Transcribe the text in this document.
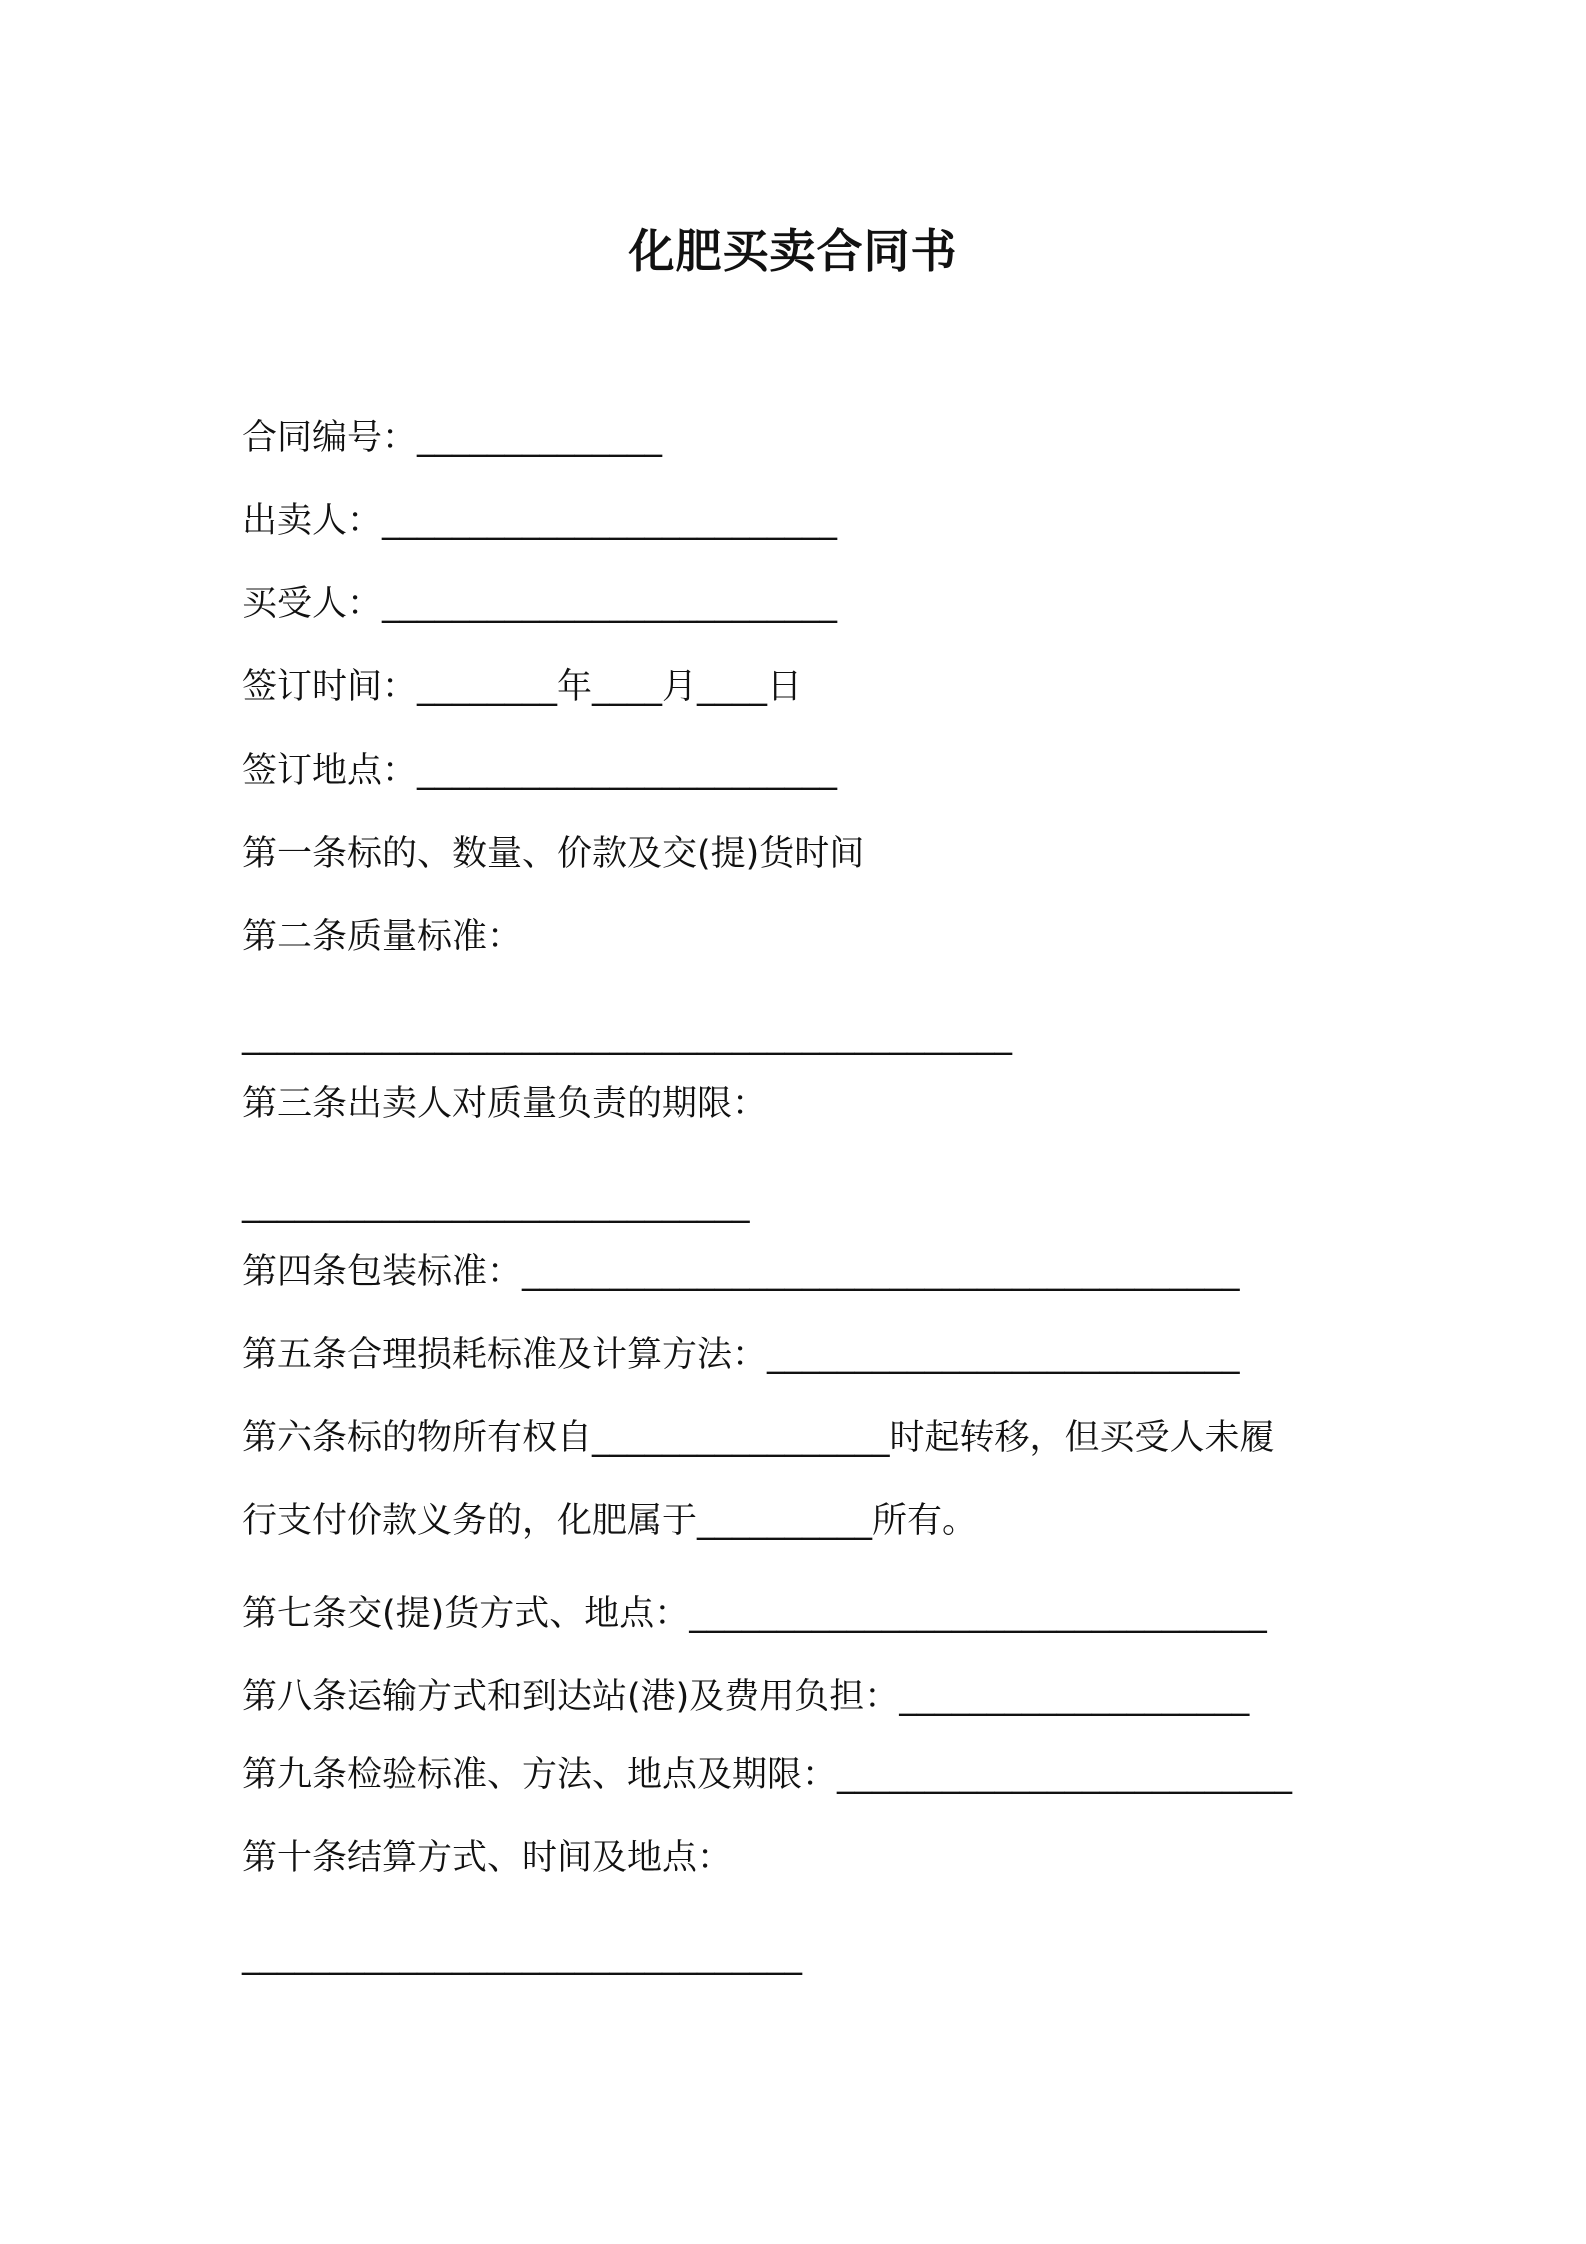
化肥买卖合同书
合同编号：______________
出卖人：__________________________
买受人：__________________________
签订时间：________年____月____日
签订地点：________________________
第一条标的、数量、价款及交(提)货时间
第二条质量标准：
____________________________________________
第三条出卖人对质量负责的期限：
_____________________________
第四条包装标准：_________________________________________
第五条合理损耗标准及计算方法：___________________________
第六条标的物所有权自_________________时起转移，但买受人未履
行支付价款义务的，化肥属于__________所有。
第七条交(提)货方式、地点：_________________________________
第八条运输方式和到达站(港)及费用负担：____________________
第九条检验标准、方法、地点及期限：__________________________
第十条结算方式、时间及地点：
________________________________
